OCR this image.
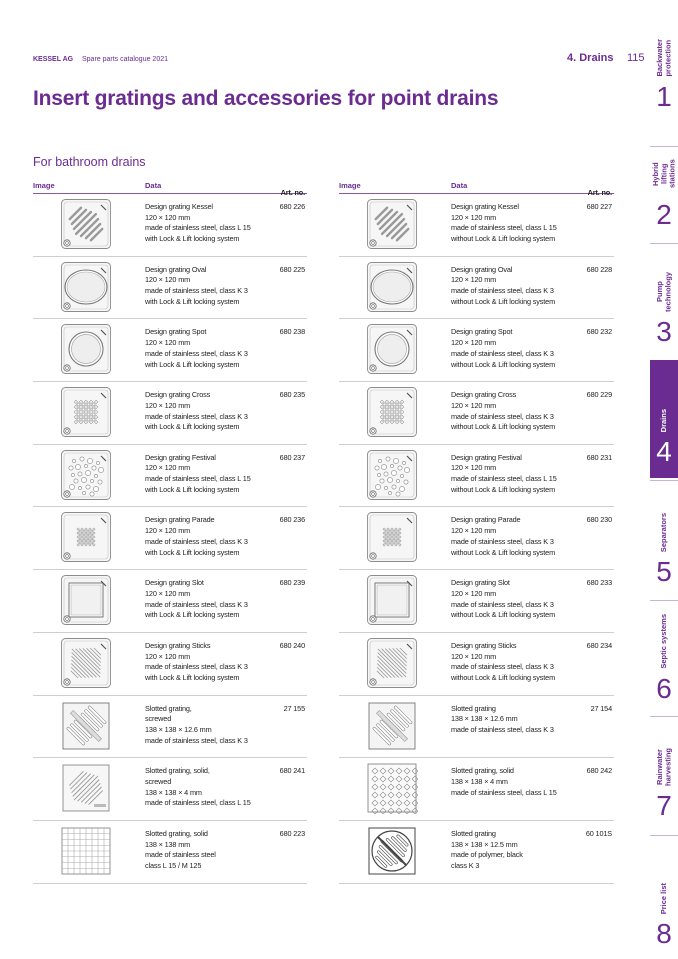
KESSEL AG Spare parts catalogue 2021	4. Drains 115
Insert gratings and accessories for point drains
For bathroom drains
Image	Data
Art. no.
Design grating Kessel
120 × 120 mm
made of stainless steel, class L 15
with Lock & Lift locking system
680 226
Design grating Oval
120 × 120 mm
made of stainless steel, class K 3
with Lock & Lift locking system
680 225
Design grating Spot
120 × 120 mm
made of stainless steel, class K 3
with Lock & Lift locking system
680 238
Design grating Cross
120 × 120 mm
made of stainless steel, class K 3
with Lock & Lift locking system
680 235
Design grating Festival
120 × 120 mm
made of stainless steel, class L 15
with Lock & Lift locking system
680 237
Design grating Parade
120 × 120 mm
made of stainless steel, class K 3
with Lock & Lift locking system
680 236
Design grating Slot
120 × 120 mm
made of stainless steel, class K 3
with Lock & Lift locking system
680 239
Design grating Sticks
120 × 120 mm
made of stainless steel, class K 3
with Lock & Lift locking system
680 240
Slotted grating,
screwed
138 × 138 × 12.6 mm
made of stainless steel, class K 3
27 155
Slotted grating, solid,
screwed
138 × 138 × 4 mm
made of stainless steel, class L 15
680 241
Slotted grating, solid
138 × 138 mm
made of stainless steel
class L 15 / M 125
680 223
Image	Data
Art. no.
Design grating Kessel
120 × 120 mm
made of stainless steel, class L 15
without Lock & Lift locking system
680 227
Design grating Oval
120 × 120 mm
made of stainless steel, class K 3
without Lock & Lift locking system
680 228
Design grating Spot
120 × 120 mm
made of stainless steel, class K 3
without Lock & Lift locking system
680 232
Design grating Cross
120 × 120 mm
made of stainless steel, class K 3
without Lock & Lift locking system
680 229
Design grating Festival
120 × 120 mm
made of stainless steel, class L 15
without Lock & Lift locking system
680 231
Design grating Parade
120 × 120 mm
made of stainless steel, class K 3
without Lock & Lift locking system
680 230
Design grating Slot
120 × 120 mm
made of stainless steel, class K 3
without Lock & Lift locking system
680 233
Design grating Sticks
120 × 120 mm
made of stainless steel, class K 3
without Lock & Lift locking system
680 234
Slotted grating
138 × 138 × 12.6 mm
made of stainless steel, class K 3
27 154
Slotted grating, solid
138 × 138 × 4 mm
made of stainless steel, class L 15
680 242
Slotted grating
138 × 138 × 12.5 mm
made of polymer, black
class K 3
60 101S
Backwater
protection
1
Hybrid lifting
stations
2
Pump
technology
3
Drains
4
Separators
5
Septic systems
6
Rainwater
harvesting
7
Price list
8
